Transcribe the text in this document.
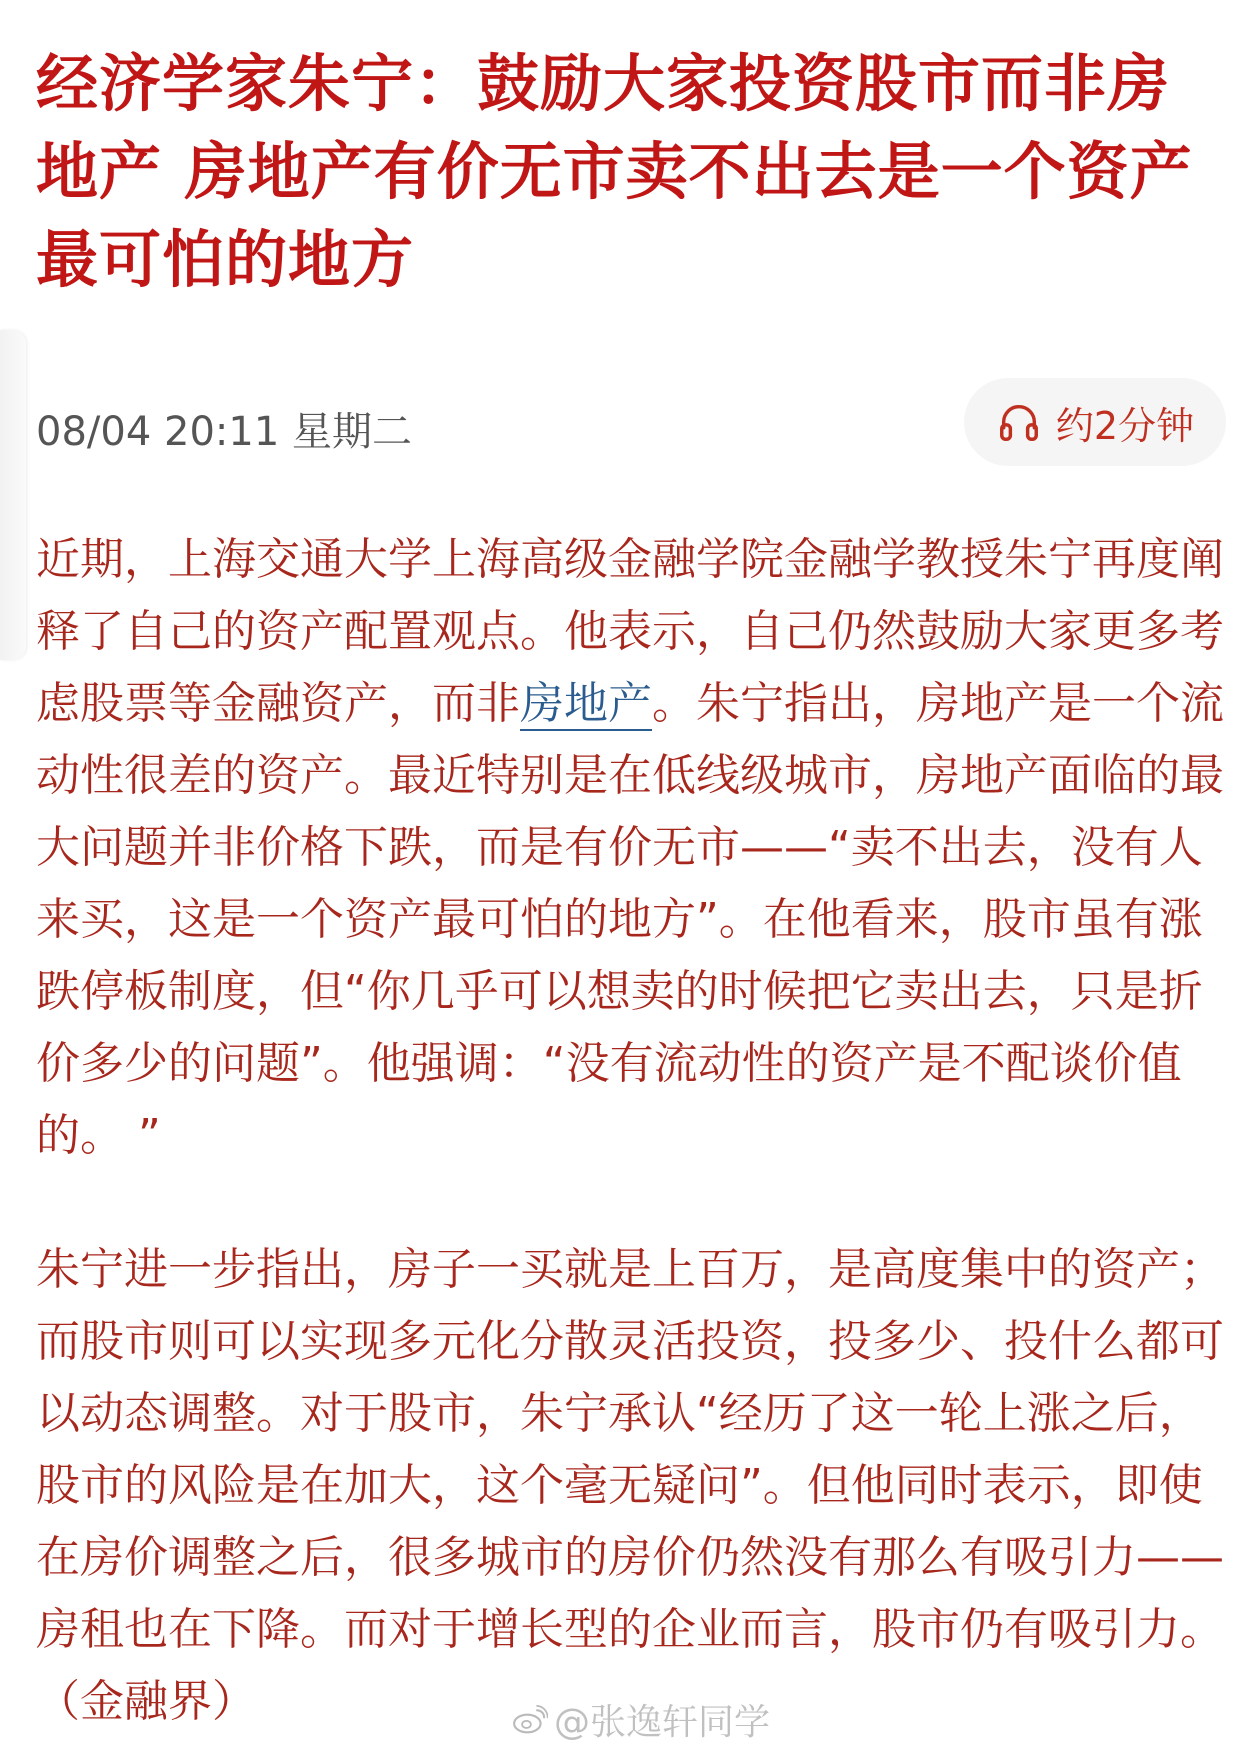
经济学家朱宁：鼓励大家投资股市而非房地产 房地产有价无市卖不出去是一个资产最可怕的地方
08/04 20:11 星期二	约2分钟

近期，上海交通大学上海高级金融学院金融学教授朱宁再度阐释了自己的资产配置观点。他表示，自己仍然鼓励大家更多考虑股票等金融资产，而非房地产。朱宁指出，房地产是一个流动性很差的资产。最近特别是在低线级城市，房地产面临的最大问题并非价格下跌，而是有价无市——“卖不出去，没有人来买，这是一个资产最可怕的地方”。在他看来，股市虽有涨跌停板制度，但“你几乎可以想卖的时候把它卖出去，只是折价多少的问题”。他强调：“没有流动性的资产是不配谈价值的。 ”

朱宁进一步指出，房子一买就是上百万，是高度集中的资产；而股市则可以实现多元化分散灵活投资，投多少、投什么都可以动态调整。对于股市，朱宁承认“经历了这一轮上涨之后，股市的风险是在加大，这个毫无疑问”。但他同时表示，即使在房价调整之后，很多城市的房价仍然没有那么有吸引力——房租也在下降。而对于增长型的企业而言，股市仍有吸引力。（金融界）	@张逸轩同学
